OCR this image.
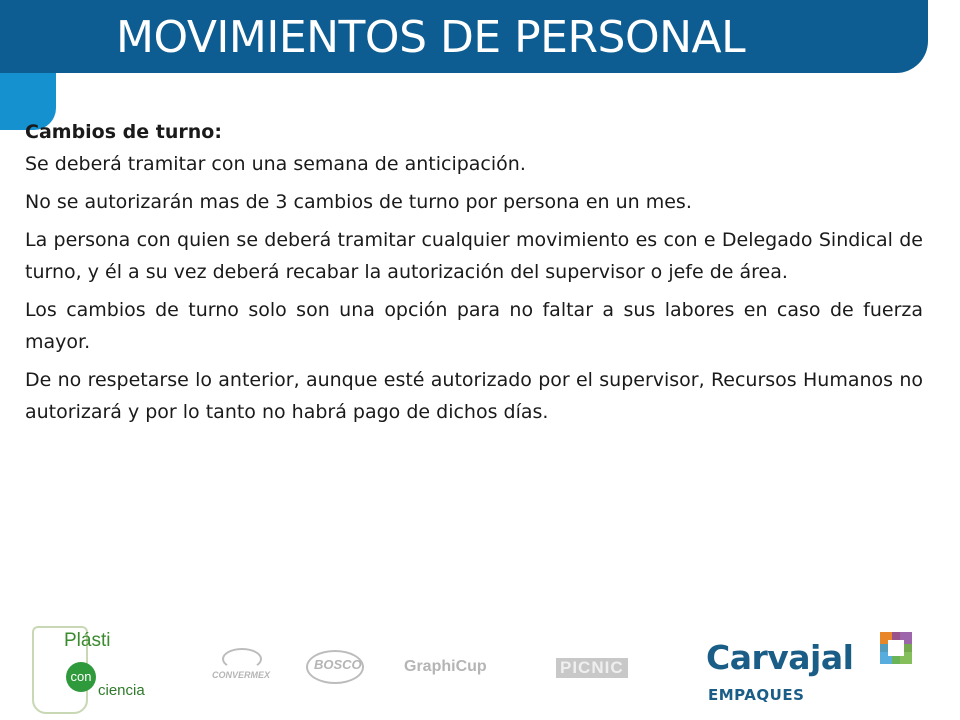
MOVIMIENTOS DE PERSONAL

Cambios de turno:

Se deberá tramitar con una semana de anticipación.

No se autorizarán mas de 3 cambios de turno por persona en un mes.

La persona con quien se deberá tramitar cualquier movimiento es con e Delegado Sindical de turno, y él a su vez deberá recabar la autorización del supervisor o jefe de área.

Los cambios de turno solo son una opción para no faltar a sus labores en caso de fuerza mayor.

De no respetarse lo anterior, aunque esté autorizado por el supervisor, Recursos Humanos no autorizará y por lo tanto no habrá pago de dichos días.

Plásti
con
ciencia
CONVERMEX
BOSCO	GraphiCup	PICNIC Carvajal
EMPAQUES
